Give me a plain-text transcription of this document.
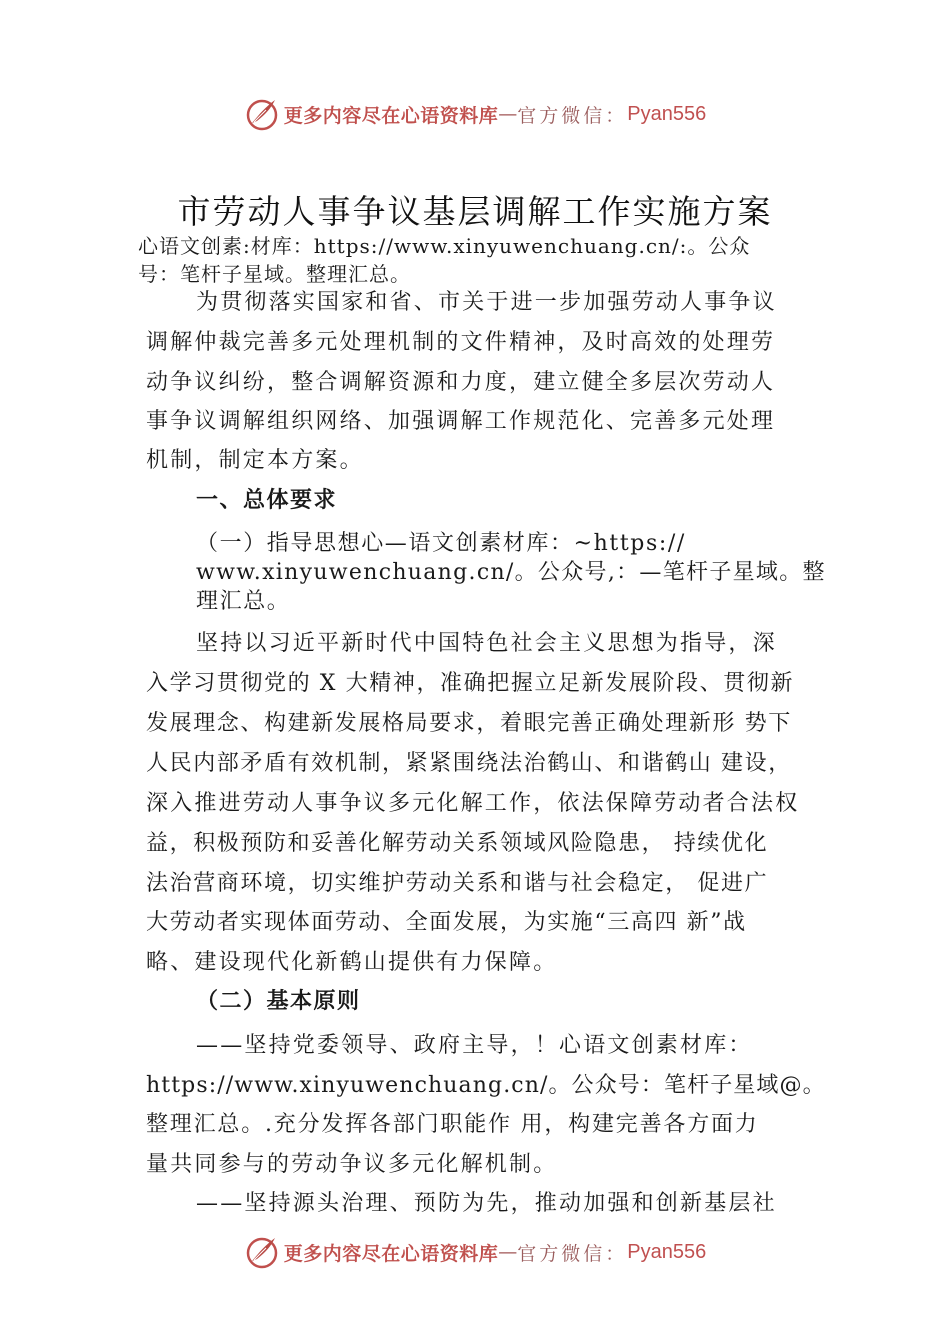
更多内容尽在心语资料库 — 官方微信： Pyan556
市劳动人事争议基层调解工作实施方案

心语文创素:材库：https://www.xinyuwenchuang.cn/:。公众

号：笔杆子星域。整理汇总。

为贯彻落实国家和省、市关于进一步加强劳动人事争议

调解仲裁完善多元处理机制的文件精神，及时高效的处理劳

动争议纠纷，整合调解资源和力度，建立健全多层次劳动人

事争议调解组织网络、加强调解工作规范化、完善多元处理

机制，制定本方案。

一、总体要求

（一）指导思想心—语文创素材库：~https://

www.xinyuwenchuang.cn/。公众号,：—笔杆子星域。整

理汇总。

坚持以习近平新时代中国特色社会主义思想为指导，深

入学习贯彻党的 X 大精神，准确把握立足新发展阶段、贯彻新

发展理念、构建新发展格局要求，着眼完善正确处理新形 势下

人民内部矛盾有效机制，紧紧围绕法治鹤山、和谐鹤山 建设，

深入推进劳动人事争议多元化解工作，依法保障劳动者合法权

益，积极预防和妥善化解劳动关系领域风险隐患， 持续优化

法治营商环境，切实维护劳动关系和谐与社会稳定， 促进广

大劳动者实现体面劳动、全面发展，为实施“三高四 新”战

略、建设现代化新鹤山提供有力保障。

（二）基本原则

——坚持党委领导、政府主导，！心语文创素材库：

https://www.xinyuwenchuang.cn/。公众号：笔杆子星域@。

整理汇总。.充分发挥各部门职能作 用，构建完善各方面力

量共同参与的劳动争议多元化解机制。

——坚持源头治理、预防为先，推动加强和创新基层社

更多内容尽在心语资料库 — 官方微信： Pyan556
